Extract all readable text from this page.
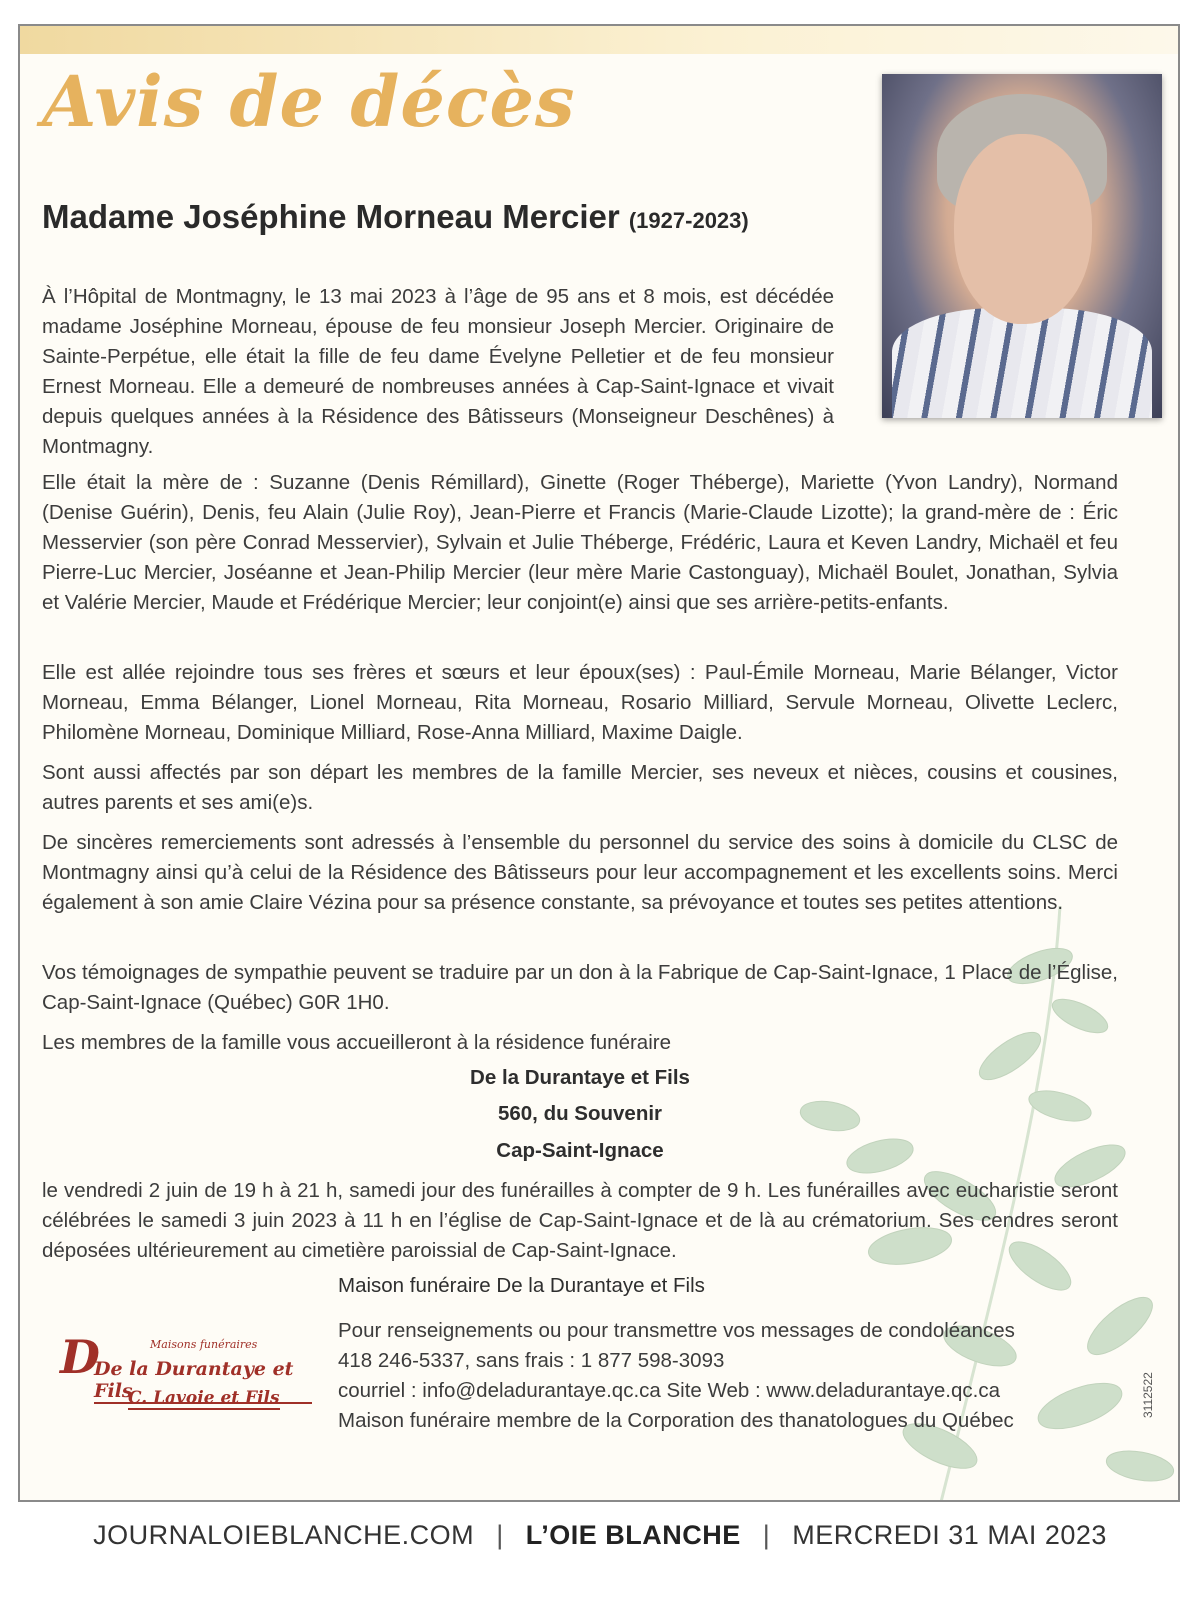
Avis de décès
Madame Joséphine Morneau Mercier (1927-2023)

À l’Hôpital de Montmagny, le 13 mai 2023 à l’âge de 95 ans et 8 mois, est décédée madame Joséphine Morneau, épouse de feu monsieur Joseph Mercier. Originaire de Sainte-Perpétue, elle était la fille de feu dame Évelyne Pelletier et de feu monsieur Ernest Morneau. Elle a demeuré de nombreuses années à Cap-Saint-Ignace et vivait depuis quelques années à la Résidence des Bâtisseurs (Monseigneur Deschênes) à Montmagny.

Elle était la mère de : Suzanne (Denis Rémillard), Ginette (Roger Théberge), Mariette (Yvon Landry), Normand (Denise Guérin), Denis, feu Alain (Julie Roy), Jean-Pierre et Francis (Marie-Claude Lizotte); la grand-mère de : Éric Messervier (son père Conrad Messervier), Sylvain et Julie Théberge, Frédéric, Laura et Keven Landry, Michaël et feu Pierre-Luc Mercier, Joséanne et Jean-Philip Mercier (leur mère Marie Castonguay), Michaël Boulet, Jonathan, Sylvia et Valérie Mercier, Maude et Frédérique Mercier; leur conjoint(e) ainsi que ses arrière-petits-enfants.

Elle est allée rejoindre tous ses frères et sœurs et leur époux(ses) : Paul-Émile Morneau, Marie Bélanger, Victor Morneau, Emma Bélanger, Lionel Morneau, Rita Morneau, Rosario Milliard, Servule Morneau, Olivette Leclerc, Philomène Morneau, Dominique Milliard, Rose-Anna Milliard, Maxime Daigle.

Sont aussi affectés par son départ les membres de la famille Mercier, ses neveux et nièces, cousins et cousines, autres parents et ses ami(e)s.

De sincères remerciements sont adressés à l’ensemble du personnel du service des soins à domicile du CLSC de Montmagny ainsi qu’à celui de la Résidence des Bâtisseurs pour leur accompagnement et les excellents soins. Merci également à son amie Claire Vézina pour sa présence constante, sa prévoyance et toutes ses petites attentions.

Vos témoignages de sympathie peuvent se traduire par un don à la Fabrique de Cap-Saint-Ignace, 1 Place de l’Église, Cap-Saint-Ignace (Québec) G0R 1H0.

Les membres de la famille vous accueilleront à la résidence funéraire

De la Durantaye et Fils
560, du Souvenir
Cap-Saint-Ignace

le vendredi 2 juin de 19 h à 21 h, samedi jour des funérailles à compter de 9 h. Les funérailles avec eucharistie seront célébrées le samedi 3 juin 2023 à 11 h en l’église de Cap-Saint-Ignace et de là au crématorium. Ses cendres seront déposées ultérieurement au cimetière paroissial de Cap-Saint-Ignace.

Maison funéraire De la Durantaye et Fils
D	Maisons funéraires
De la Durantaye et Fils
C. Lavoie et Fils
Pour renseignements ou pour transmettre vos messages de condoléances
418 246-5337, sans frais : 1 877 598-3093
courriel : info@deladurantaye.qc.ca Site Web : www.deladurantaye.qc.ca
Maison funéraire membre de la Corporation des thanatologues du Québec
3112522
JOURNALOIEBLANCHE.COM | L’OIE BLANCHE | MERCREDI 31 MAI 2023
